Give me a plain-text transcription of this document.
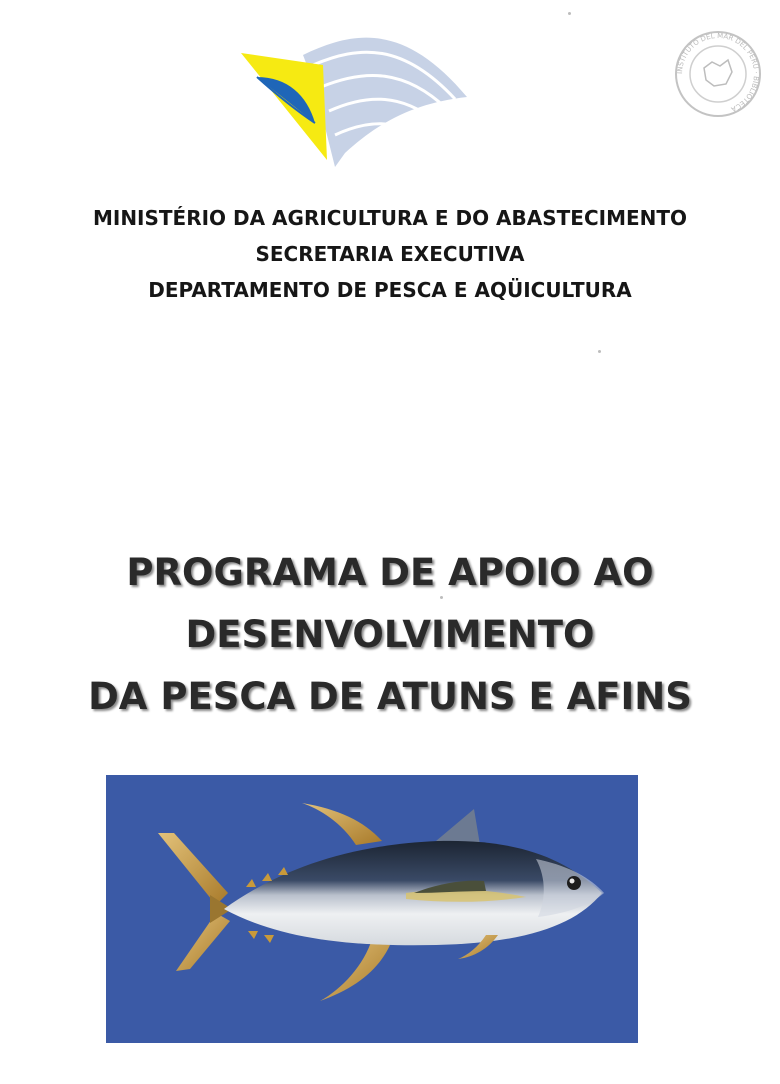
INSTITUTO DEL MAR DEL PERU · BIBLIOTECA
MINISTÉRIO DA AGRICULTURA E DO ABASTECIMENTO
SECRETARIA EXECUTIVA
DEPARTAMENTO DE PESCA E AQÜICULTURA
PROGRAMA DE APOIO AO
DESENVOLVIMENTO
DA PESCA DE ATUNS E AFINS
